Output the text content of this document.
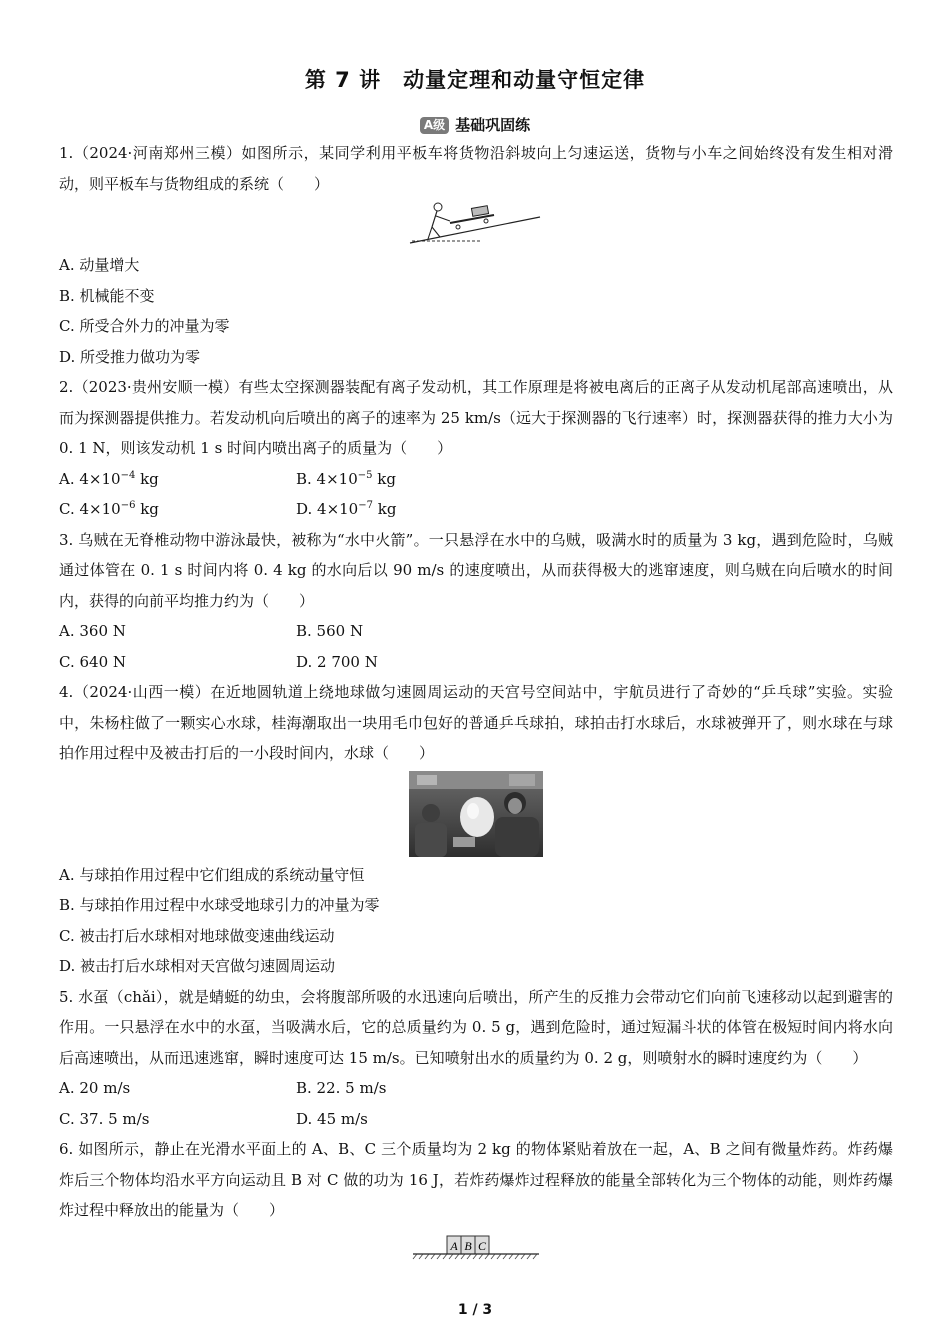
第 7 讲　动量定理和动量守恒定律
A级 基础巩固练

1.（2024·河南郑州三模）如图所示，某同学利用平板车将货物沿斜坡向上匀速运送，货物与小车之间始终没有发生相对滑动，则平板车与货物组成的系统（　　）

A. 动量增大

B. 机械能不变

C. 所受合外力的冲量为零

D. 所受推力做功为零

2.（2023·贵州安顺一模）有些太空探测器装配有离子发动机，其工作原理是将被电离后的正离子从发动机尾部高速喷出，从而为探测器提供推力。若发动机向后喷出的离子的速率为 25 km/s（远大于探测器的飞行速率）时，探测器获得的推力大小为 0. 1 N，则该发动机 1 s 时间内喷出离子的质量为（　　）

A. $4\times 10^{-4}$ kg	B. $4\times 10^{-5}$ kg
C. $4\times 10^{-6}$ kg	D. $4\times 10^{-7}$ kg

3. 乌贼在无脊椎动物中游泳最快，被称为“水中火箭”。一只悬浮在水中的乌贼，吸满水时的质量为 3 kg，遇到危险时，乌贼通过体管在 0. 1 s 时间内将 0. 4 kg 的水向后以 90 m/s 的速度喷出，从而获得极大的逃窜速度，则乌贼在向后喷水的时间内，获得的向前平均推力约为（　　）

A. 360 N	B. 560 N
C. 640 N	D. 2 700 N

4.（2024·山西一模）在近地圆轨道上绕地球做匀速圆周运动的天宫号空间站中，宇航员进行了奇妙的“乒乓球”实验。实验中，朱杨柱做了一颗实心水球，桂海潮取出一块用毛巾包好的普通乒乓球拍，球拍击打水球后，水球被弹开了，则水球在与球拍作用过程中及被击打后的一小段时间内，水球（　　）

A. 与球拍作用过程中它们组成的系统动量守恒

B. 与球拍作用过程中水球受地球引力的冲量为零

C. 被击打后水球相对地球做变速曲线运动

D. 被击打后水球相对天宫做匀速圆周运动

5. 水虿（chǎi），就是蜻蜓的幼虫，会将腹部所吸的水迅速向后喷出，所产生的反推力会带动它们向前飞速移动以起到避害的作用。一只悬浮在水中的水虿，当吸满水后，它的总质量约为 0. 5 g，遇到危险时，通过短漏斗状的体管在极短时间内将水向后高速喷出，从而迅速逃窜，瞬时速度可达 15 m/s。已知喷射出水的质量约为 0. 2 g，则喷射水的瞬时速度约为（　　）

A. 20 m/s	B. 22. 5 m/s
C. 37. 5 m/s	D. 45 m/s

6. 如图所示，静止在光滑水平面上的 A、B、C 三个质量均为 2 kg 的物体紧贴着放在一起，A、B 之间有微量炸药。炸药爆炸后三个物体均沿水平方向运动且 B 对 C 做的功为 16 J，若炸药爆炸过程释放的能量全部转化为三个物体的动能，则炸药爆炸过程中释放出的能量为（　　）

A B C
1 / 3
